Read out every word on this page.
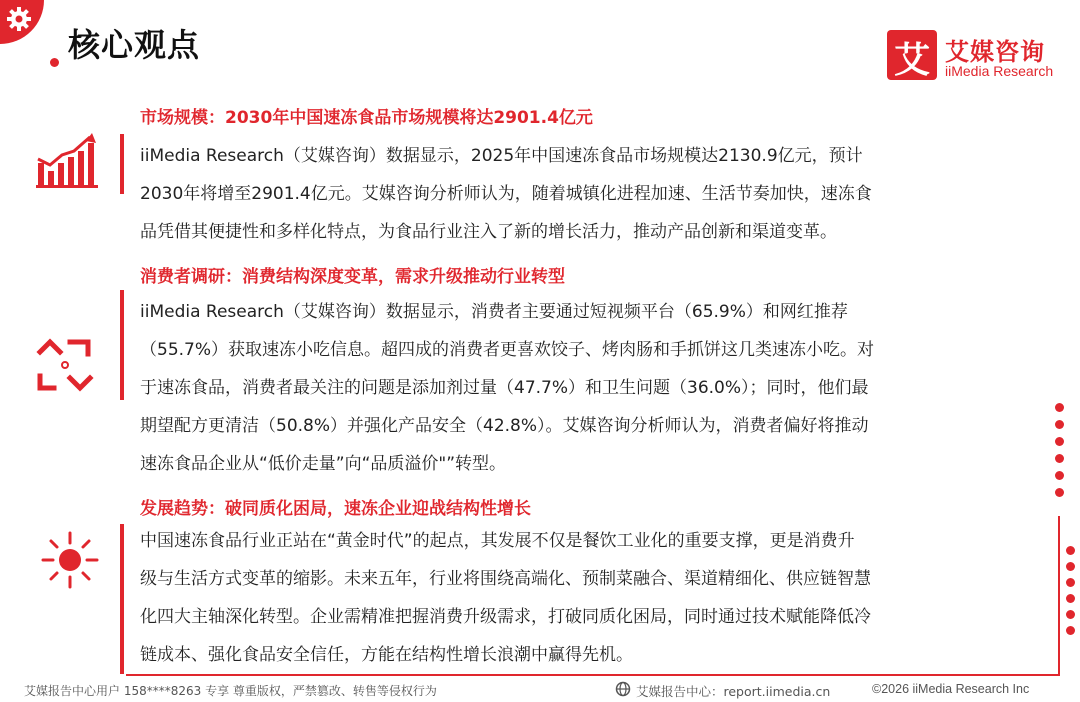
核心观点	艾 艾媒咨询
iiMedia Research
市场规模：2030年中国速冻食品市场规模将达2901.4亿元
iiMedia Research（艾媒咨询）数据显示，2025年中国速冻食品市场规模达2130.9亿元，预计
2030年将增至2901.4亿元。艾媒咨询分析师认为，随着城镇化进程加速、生活节奏加快，速冻食
品凭借其便捷性和多样化特点，为食品行业注入了新的增长活力，推动产品创新和渠道变革。
消费者调研：消费结构深度变革，需求升级推动行业转型
iiMedia Research（艾媒咨询）数据显示，消费者主要通过短视频平台（65.9%）和网红推荐
（55.7%）获取速冻小吃信息。超四成的消费者更喜欢饺子、烤肉肠和手抓饼这几类速冻小吃。对
于速冻食品，消费者最关注的问题是添加剂过量（47.7%）和卫生问题（36.0%）；同时，他们最
期望配方更清洁（50.8%）并强化产品安全（42.8%）。艾媒咨询分析师认为，消费者偏好将推动
速冻食品企业从“低价走量”向“品质溢价"”转型。
发展趋势：破同质化困局，速冻企业迎战结构性增长
中国速冻食品行业正站在“黄金时代”的起点，其发展不仅是餐饮工业化的重要支撑，更是消费升
级与生活方式变革的缩影。未来五年，行业将围绕高端化、预制菜融合、渠道精细化、供应链智慧
化四大主轴深化转型。企业需精准把握消费升级需求，打破同质化困局，同时通过技术赋能降低冷
链成本、强化食品安全信任，方能在结构性增长浪潮中赢得先机。
艾媒报告中心用户 158****8263 专享 尊重版权，严禁篡改、转售等侵权行为	艾媒报告中心：report.iimedia.cn	©2026 iiMedia Research Inc
